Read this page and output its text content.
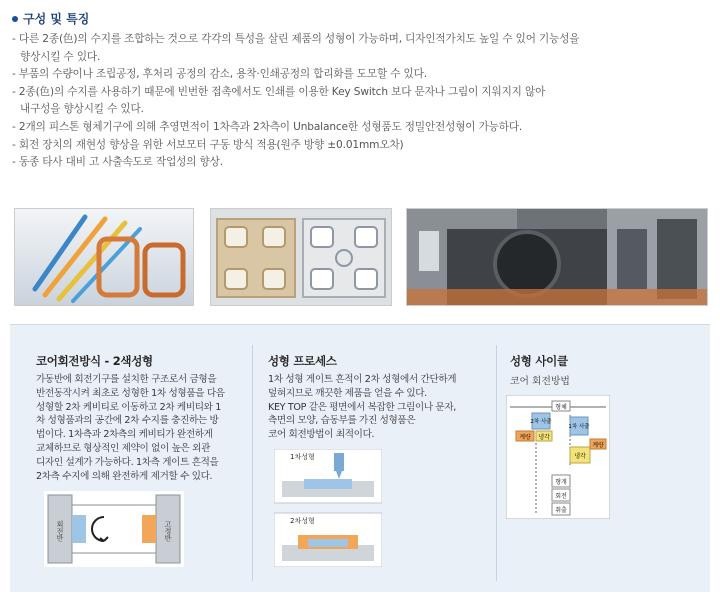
구성 및 특징
- 다른 2종(色)의 수지를 조합하는 것으로 각각의 특성을 살린 제품의 성형이 가능하며, 디자인적가치도 높일 수 있어 기능성을
향상시킬 수 있다.
- 부품의 수량이나 조립공정, 후처리 공정의 감소, 용착·인쇄공정의 합리화를 도모할 수 있다.
- 2종(色)의 수지를 사용하기 때문에 빈번한 접촉에서도 인쇄를 이용한 Key Switch 보다 문자나 그림이 지워지지 않아
내구성을 향상시킬 수 있다.
- 2개의 피스톤 형체기구에 의해 추영면적이 1차측과 2차측이 Unbalance한 성형품도 정밀안전성형이 가능하다.
- 회전 장치의 재현성 향상을 위한 서보모터 구동 방식 적용(원주 방향 ±0.01mm오차)
- 동종 타사 대비 고 사출속도로 작업성의 향상.
코어회전방식 - 2색성형
가동반에 회전기구를 설치한 구조로서 금형을
반전동작시켜 최초로 성형한 1차 성형품을 다음
성형할 2차 케비티로 이동하고 2차 케비티와 1
차 성형품과의 공간에 2차 수지를 충진하는 방
법이다. 1차측과 2차측의 케비티가 완전하게
교체하므로 형상적인 제약이 없이 높은 외관
디자인 설계가 가능하다. 1차측 게이트 흔적을
2차측 수지에 의해 완전하게 제거할 수 있다.
회전반	고정반
성형 프로세스
1차 성형 게이트 흔적이 2차 성형에서 간단하게
덮혀지므로 깨끗한 제품을 얻을 수 있다.
KEY TOP 같은 평면에서 복잡한 그림이나 문자,
측면의 모양, 습동부를 가진 성형품은
코어 회전방법이 최적이다.
1차성형
2차성형
성형 사이클
코어 회전방법
형체
2차 사출
1차 사출
계량 냉각
냉각
계량
형개
회전
취출
